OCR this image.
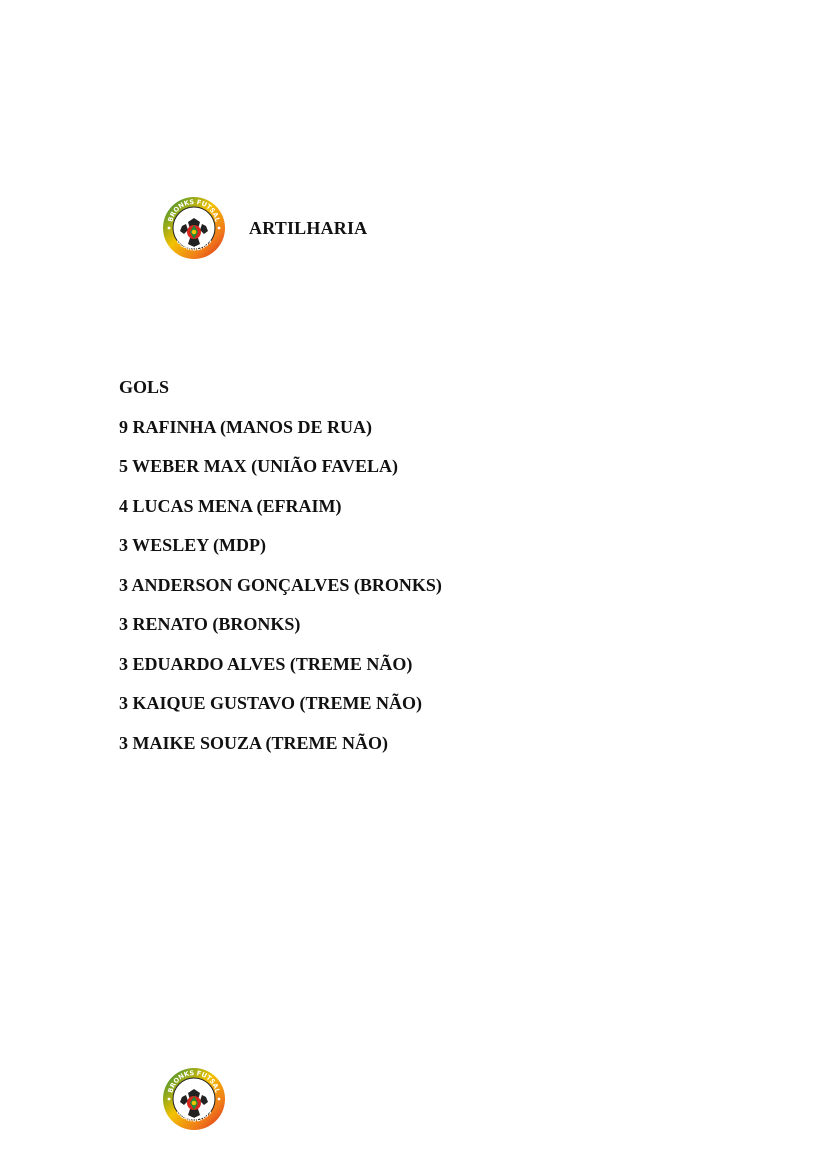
BRONKS FUTSAL
GUARULHOS
ARTILHARIA
GOLS
9 RAFINHA (MANOS DE RUA)
5 WEBER MAX (UNIÃO FAVELA)
4 LUCAS MENA (EFRAIM)
3 WESLEY (MDP)
3 ANDERSON GONÇALVES (BRONKS)
3 RENATO (BRONKS)
3 EDUARDO ALVES (TREME NÃO)
3 KAIQUE GUSTAVO (TREME NÃO)
3 MAIKE SOUZA (TREME NÃO)
BRONKS FUTSAL
GUARULHOS
